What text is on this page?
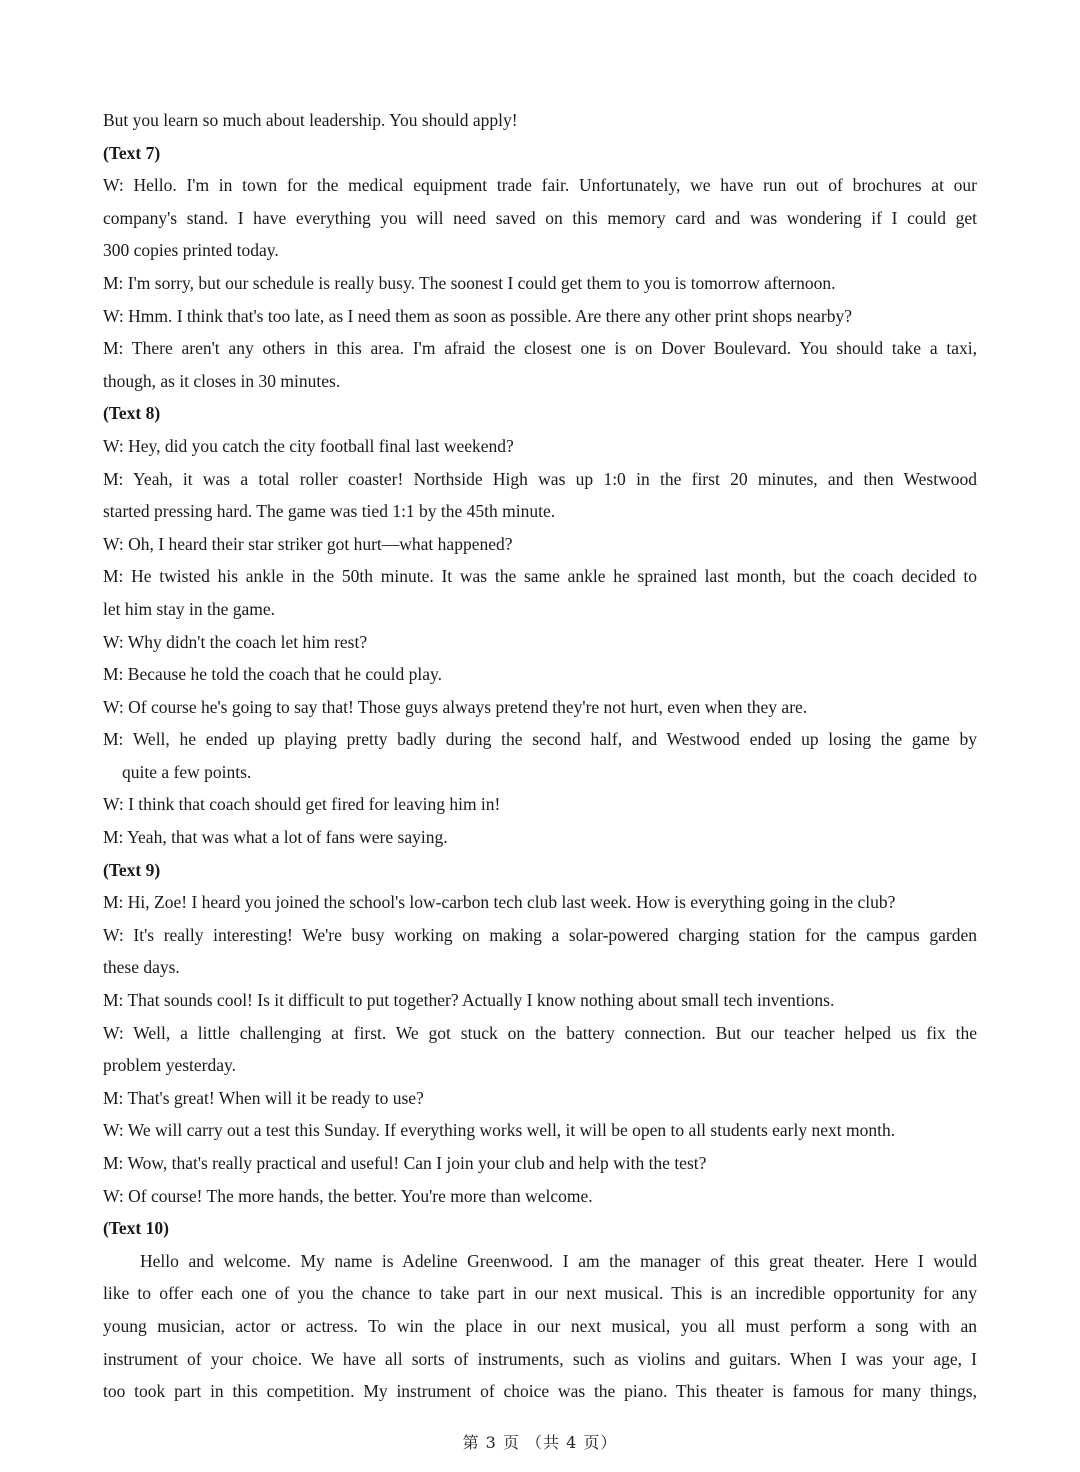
But you learn so much about leadership. You should apply!

(Text 7)

W: Hello. I'm in town for the medical equipment trade fair. Unfortunately, we have run out of brochures at our

company's stand. I have everything you will need saved on this memory card and was wondering if I could get

300 copies printed today.

M: I'm sorry, but our schedule is really busy. The soonest I could get them to you is tomorrow afternoon.

W: Hmm. I think that's too late, as I need them as soon as possible. Are there any other print shops nearby?

M: There aren't any others in this area. I'm afraid the closest one is on Dover Boulevard. You should take a taxi,

though, as it closes in 30 minutes.

(Text 8)

W: Hey, did you catch the city football final last weekend?

M: Yeah, it was a total roller coaster! Northside High was up 1:0 in the first 20 minutes, and then Westwood

started pressing hard. The game was tied 1:1 by the 45th minute.

W: Oh, I heard their star striker got hurt—what happened?

M: He twisted his ankle in the 50th minute. It was the same ankle he sprained last month, but the coach decided to

let him stay in the game.

W: Why didn't the coach let him rest?

M: Because he told the coach that he could play.

W: Of course he's going to say that! Those guys always pretend they're not hurt, even when they are.

M: Well, he ended up playing pretty badly during the second half, and Westwood ended up losing the game by

quite a few points.

W: I think that coach should get fired for leaving him in!

M: Yeah, that was what a lot of fans were saying.

(Text 9)

M: Hi, Zoe! I heard you joined the school's low-carbon tech club last week. How is everything going in the club?

W: It's really interesting! We're busy working on making a solar-powered charging station for the campus garden

these days.

M: That sounds cool! Is it difficult to put together? Actually I know nothing about small tech inventions.

W: Well, a little challenging at first. We got stuck on the battery connection. But our teacher helped us fix the

problem yesterday.

M: That's great! When will it be ready to use?

W: We will carry out a test this Sunday. If everything works well, it will be open to all students early next month.

M: Wow, that's really practical and useful! Can I join your club and help with the test?

W: Of course! The more hands, the better. You're more than welcome.

(Text 10)

Hello and welcome. My name is Adeline Greenwood. I am the manager of this great theater. Here I would

like to offer each one of you the chance to take part in our next musical. This is an incredible opportunity for any

young musician, actor or actress. To win the place in our next musical, you all must perform a song with an

instrument of your choice. We have all sorts of instruments, such as violins and guitars. When I was your age, I

too took part in this competition. My instrument of choice was the piano. This theater is famous for many things,

第 3 页 （共 4 页）
